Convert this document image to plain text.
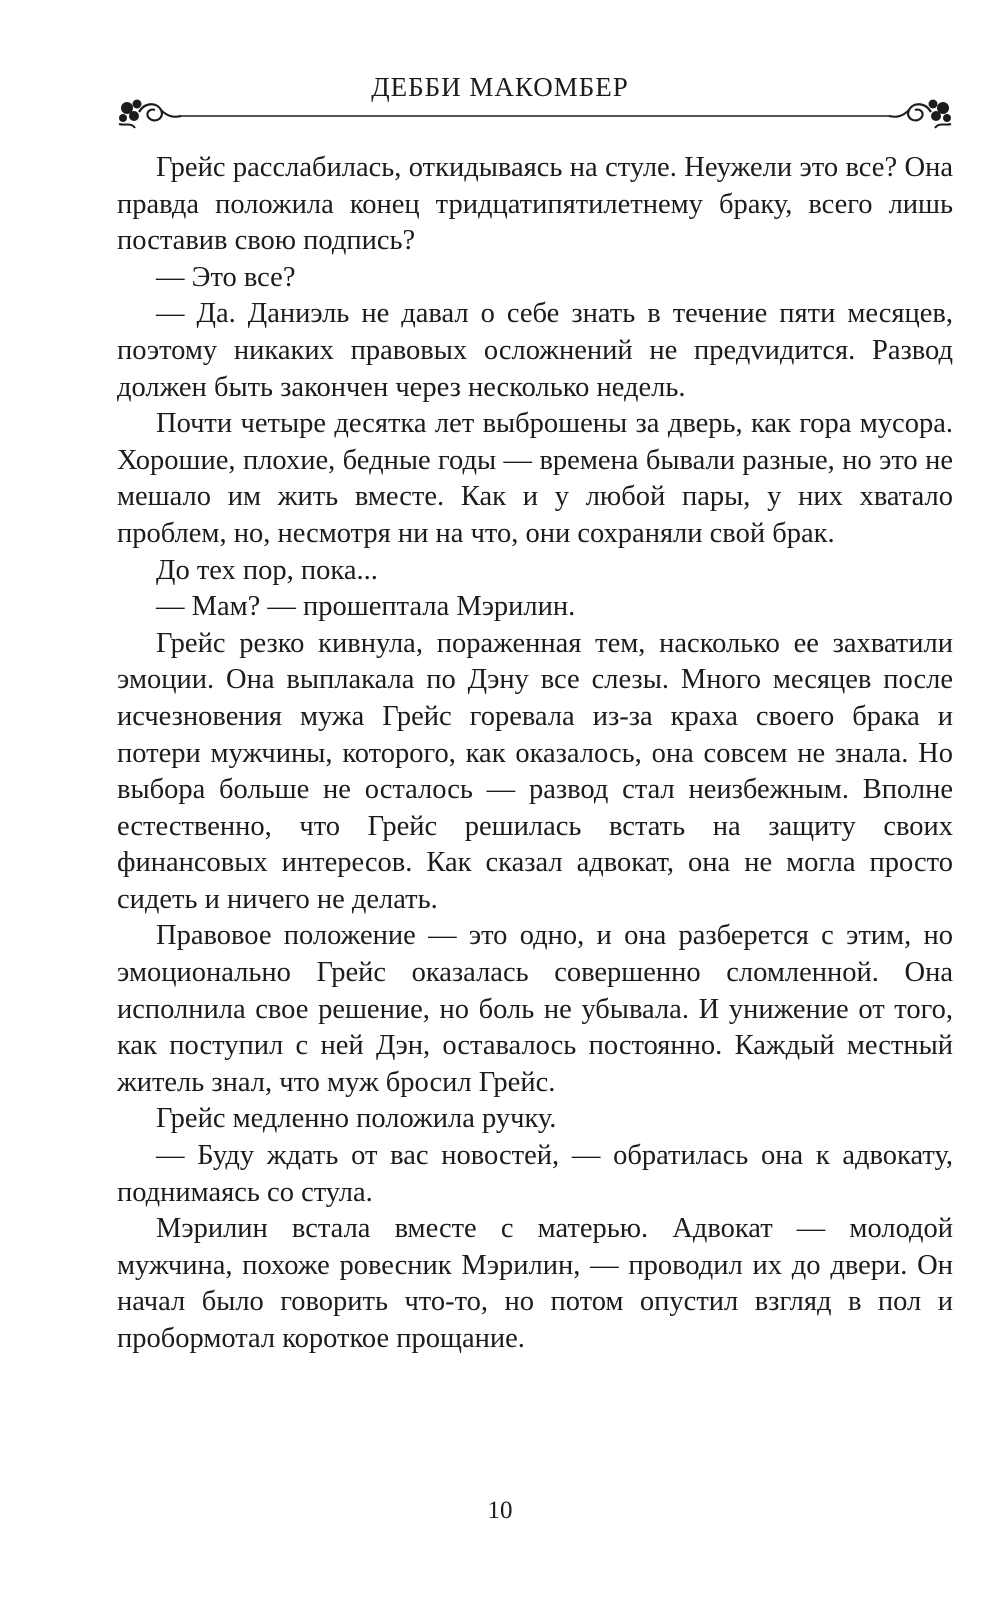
ДЕББИ МАКОМБЕР

Грейс расслабилась, откидываясь на стуле. Неужели это все? Она правда положила конец тридцатипятилетнему браку, всего лишь поставив свою подпись?

— Это все?

— Да. Даниэль не давал о себе знать в течение пяти месяцев, поэтому никаких правовых осложнений не предvидится. Развод должен быть закончен через несколько недель.

Почти четыре десятка лет выброшены за дверь, как гора мусора. Хорошие, плохие, бедные годы — времена бывали разные, но это не мешало им жить вместе. Как и у любой пары, у них хватало проблем, но, несмотря ни на что, они сохраняли свой брак.

До тех пор, пока...

— Мам? — прошептала Мэрилин.

Грейс резко кивнула, пораженная тем, насколько ее захватили эмоции. Она выплакала по Дэну все слезы. Много месяцев после исчезновения мужа Грейс горевала из-за краха своего брака и потери мужчины, которого, как оказалось, она совсем не знала. Но выбора больше не осталось — развод стал неизбежным. Вполне естественно, что Грейс решилась встать на защиту своих финансовых интересов. Как сказал адвокат, она не могла просто сидеть и ничего не делать.

Правовое положение — это одно, и она разберется с этим, но эмоционально Грейс оказалась совершенно сломленной. Она исполнила свое решение, но боль не убывала. И унижение от того, как поступил с ней Дэн, оставалось постоянно. Каждый местный житель знал, что муж бросил Грейс.

Грейс медленно положила ручку.

— Буду ждать от вас новостей, — обратилась она к адвокату, поднимаясь со стула.

Мэрилин встала вместе с матерью. Адвокат — молодой мужчина, похоже ровесник Мэрилин, — проводил их до двери. Он начал было говорить что-то, но потом опустил взгляд в пол и пробормотал короткое прощание.

10
